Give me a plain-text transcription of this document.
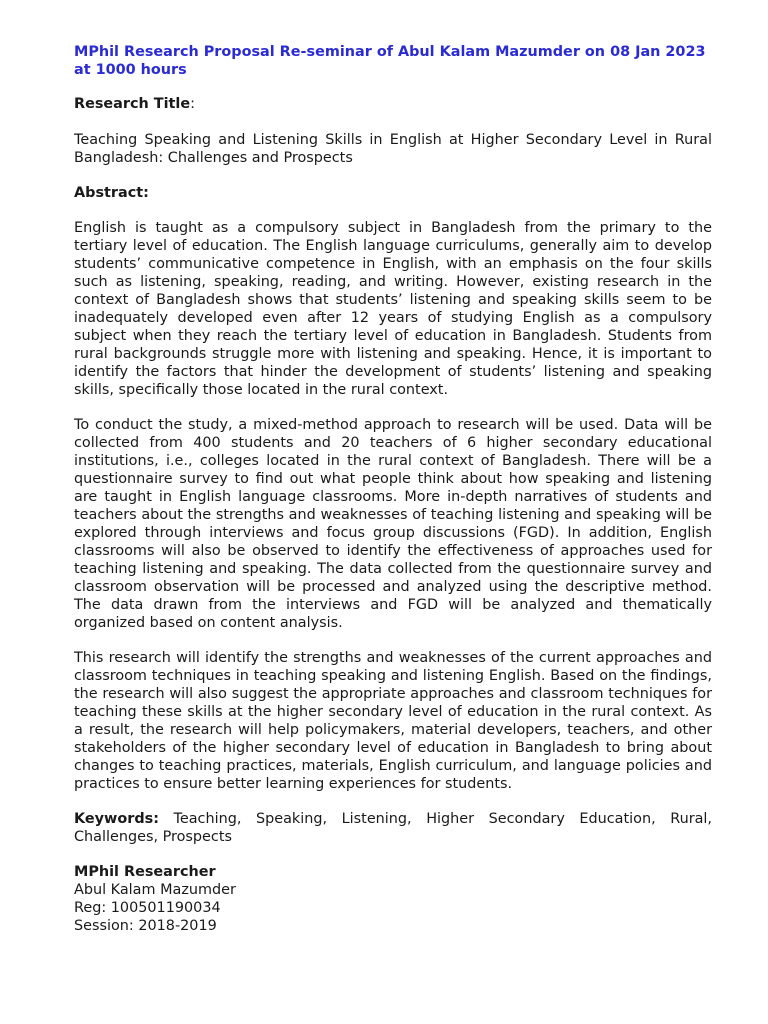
MPhil Research Proposal Re-seminar of Abul Kalam Mazumder on 08 Jan 2023 at 1000 hours
Research Title:

Teaching Speaking and Listening Skills in English at Higher Secondary Level in Rural Bangladesh: Challenges and Prospects

Abstract:

English is taught as a compulsory subject in Bangladesh from the primary to the tertiary level of education. The English language curriculums, generally aim to develop students’ communicative competence in English, with an emphasis on the four skills such as listening, speaking, reading, and writing. However, existing research in the context of Bangladesh shows that students’ listening and speaking skills seem to be inadequately developed even after 12 years of studying English as a compulsory subject when they reach the tertiary level of education in Bangladesh. Students from rural backgrounds struggle more with listening and speaking. Hence, it is important to identify the factors that hinder the development of students’ listening and speaking skills, specifically those located in the rural context.

To conduct the study, a mixed-method approach to research will be used. Data will be collected from 400 students and 20 teachers of 6 higher secondary educational institutions, i.e., colleges located in the rural context of Bangladesh. There will be a questionnaire survey to find out what people think about how speaking and listening are taught in English language classrooms. More in-depth narratives of students and teachers about the strengths and weaknesses of teaching listening and speaking will be explored through interviews and focus group discussions (FGD). In addition, English classrooms will also be observed to identify the effectiveness of approaches used for teaching listening and speaking. The data collected from the questionnaire survey and classroom observation will be processed and analyzed using the descriptive method. The data drawn from the interviews and FGD will be analyzed and thematically organized based on content analysis.

This research will identify the strengths and weaknesses of the current approaches and classroom techniques in teaching speaking and listening English. Based on the findings, the research will also suggest the appropriate approaches and classroom techniques for teaching these skills at the higher secondary level of education in the rural context. As a result, the research will help policymakers, material developers, teachers, and other stakeholders of the higher secondary level of education in Bangladesh to bring about changes to teaching practices, materials, English curriculum, and language policies and practices to ensure better learning experiences for students.

Keywords: Teaching, Speaking, Listening, Higher Secondary Education, Rural, Challenges, Prospects

MPhil Researcher
Abul Kalam Mazumder
Reg: 100501190034
Session: 2018-2019
